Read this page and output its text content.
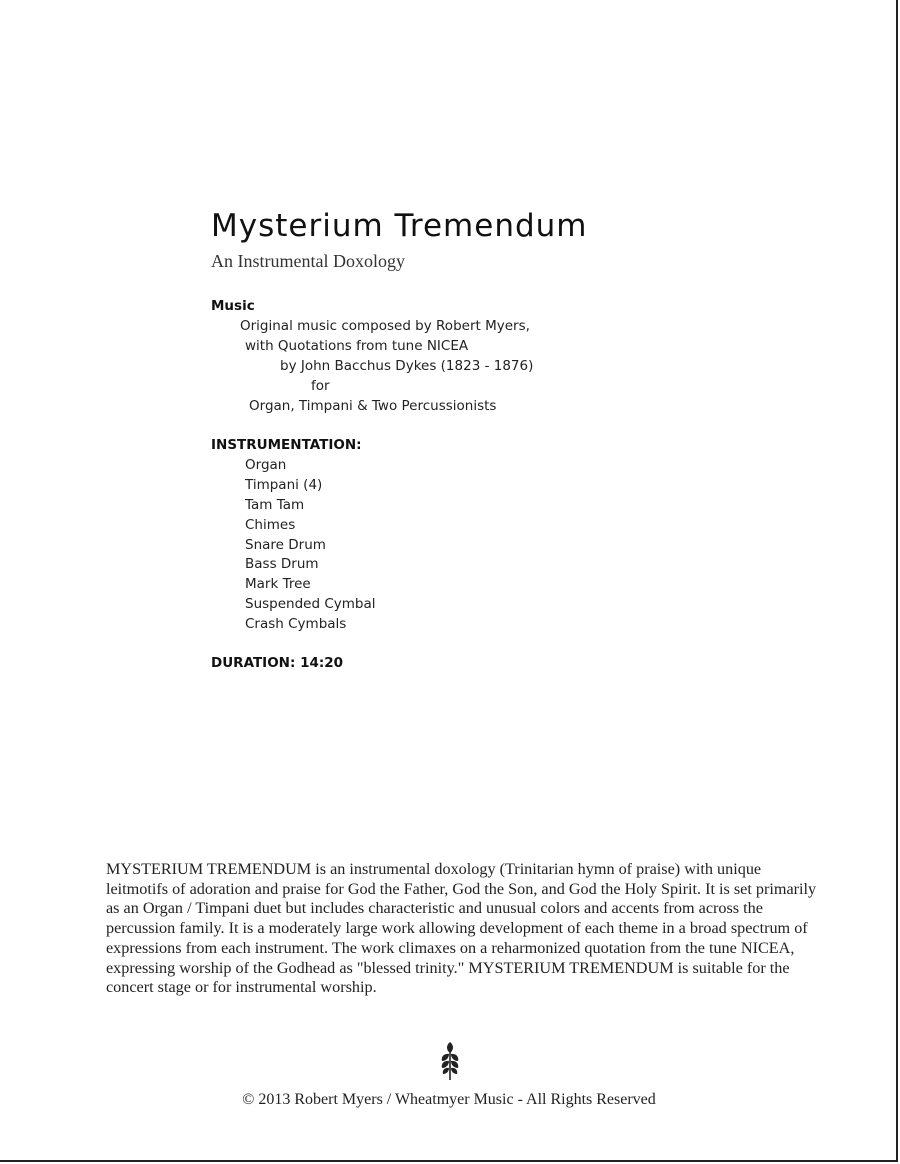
Mysterium Tremendum
An Instrumental Doxology
Music
Original music composed by Robert Myers,
with Quotations from tune NICEA
by John Bacchus Dykes (1823 - 1876)
for
Organ, Timpani & Two Percussionists
INSTRUMENTATION:
Organ
Timpani (4)
Tam Tam
Chimes
Snare Drum
Bass Drum
Mark Tree
Suspended Cymbal
Crash Cymbals
DURATION: 14:20

MYSTERIUM TREMENDUM is an instrumental doxology (Trinitarian hymn of praise) with unique leitmotifs of adoration and praise for God the Father, God the Son, and God the Holy Spirit. It is set primarily as an Organ / Timpani duet but includes characteristic and unusual colors and accents from across the percussion family. It is a moderately large work allowing development of each theme in a broad spectrum of expressions from each instrument. The work climaxes on a reharmonized quotation from the tune NICEA, expressing worship of the Godhead as "blessed trinity." MYSTERIUM TREMENDUM is suitable for the concert stage or for instrumental worship.

© 2013 Robert Myers / Wheatmyer Music - All Rights Reserved
